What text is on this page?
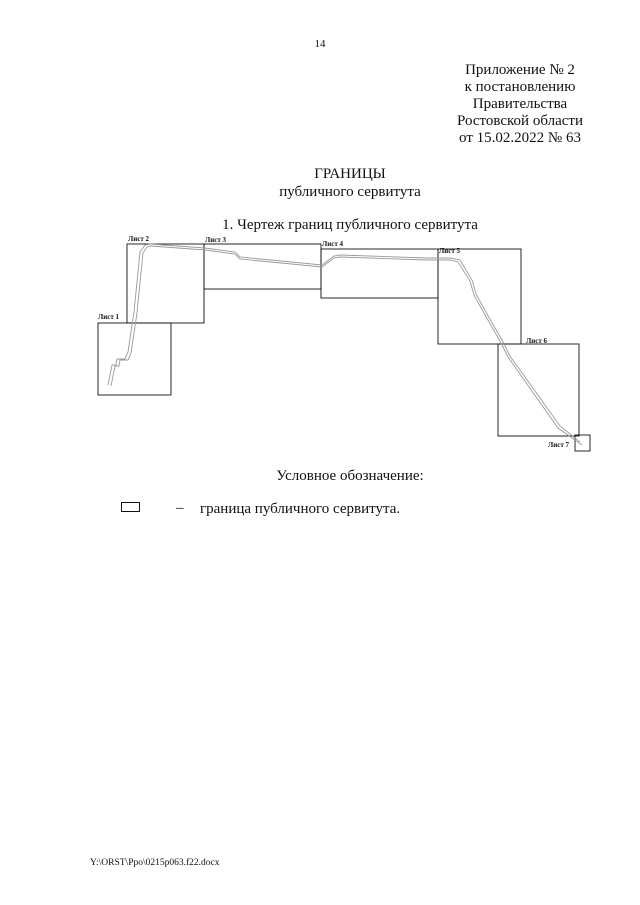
14
Приложение № 2
к постановлению
Правительства
Ростовской области
от 15.02.2022 № 63
ГРАНИЦЫ
публичного сервитута
1. Чертеж границ публичного сервитута
Лист 1
Лист 2	Лист 3	Лист 4
Лист 5
Лист 6
Лист 7
Условное обозначение:
– граница публичного сервитута.
Y:\ORST\Ppo\0215p063.f22.docx
